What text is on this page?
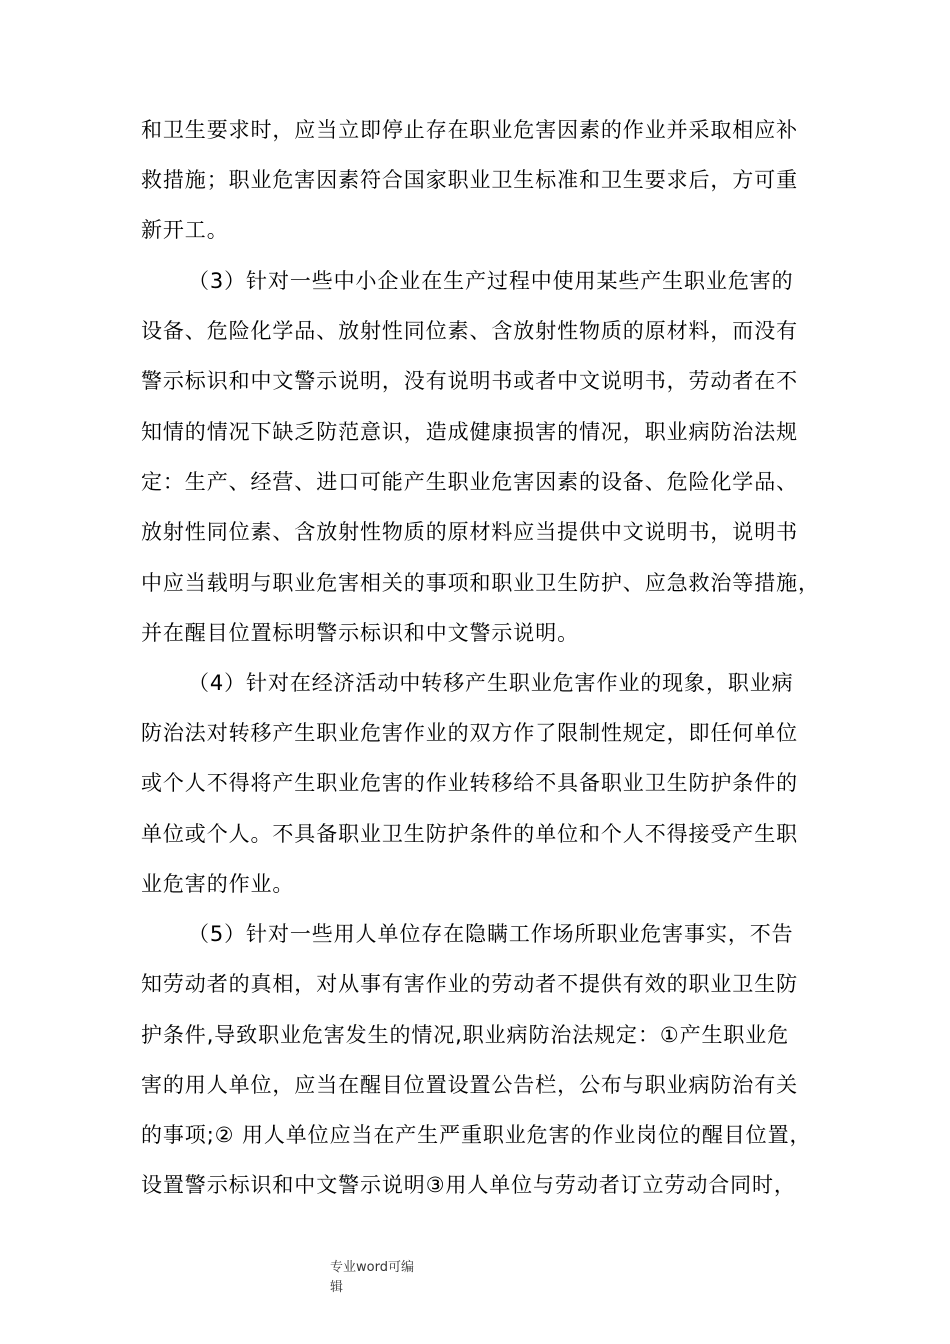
和卫生要求时，应当立即停止存在职业危害因素的作业并采取相应补
救措施；职业危害因素符合国家职业卫生标准和卫生要求后，方可重
新开工。
（3）针对一些中小企业在生产过程中使用某些产生职业危害的
设备、危险化学品、放射性同位素、含放射性物质的原材料，而没有
警示标识和中文警示说明，没有说明书或者中文说明书，劳动者在不
知情的情况下缺乏防范意识，造成健康损害的情况，职业病防治法规
定：生产、经营、进口可能产生职业危害因素的设备、危险化学品、
放射性同位素、含放射性物质的原材料应当提供中文说明书，说明书
中应当载明与职业危害相关的事项和职业卫生防护、应急救治等措施，
并在醒目位置标明警示标识和中文警示说明。
（4）针对在经济活动中转移产生职业危害作业的现象，职业病
防治法对转移产生职业危害作业的双方作了限制性规定，即任何单位
或个人不得将产生职业危害的作业转移给不具备职业卫生防护条件的
单位或个人。不具备职业卫生防护条件的单位和个人不得接受产生职
业危害的作业。
（5）针对一些用人单位存在隐瞒工作场所职业危害事实，不告
知劳动者的真相，对从事有害作业的劳动者不提供有效的职业卫生防
护条件,导致职业危害发生的情况,职业病防治法规定：①产生职业危
害的用人单位，应当在醒目位置设置公告栏，公布与职业病防治有关
的事项;② 用人单位应当在产生严重职业危害的作业岗位的醒目位置，
设置警示标识和中文警示说明③用人单位与劳动者订立劳动合同时，
专业word可编
辑
